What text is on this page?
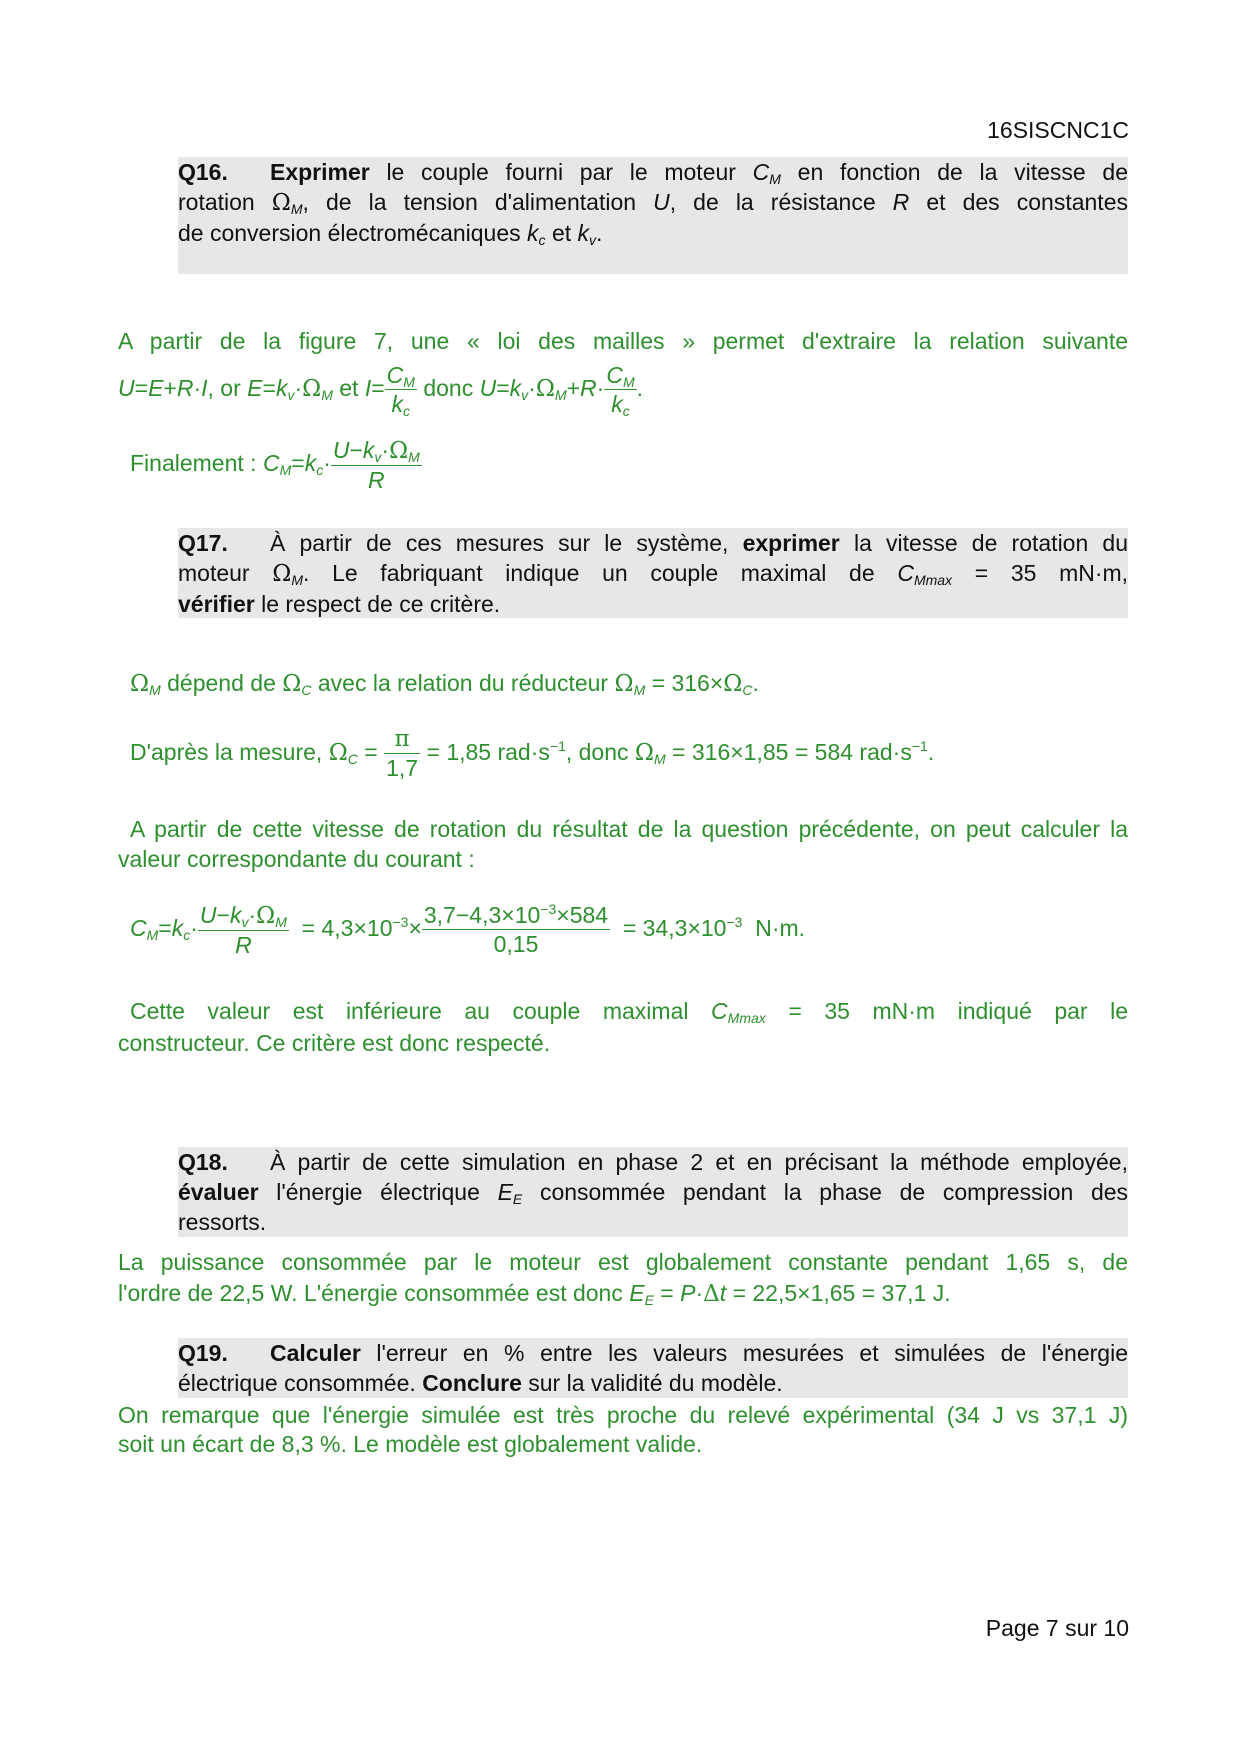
16SISCNC1C
Q16. Exprimer le couple fourni par le moteur $C_M$ en fonction de la vitesse de
rotation $\Omega_M$, de la tension d'alimentation U, de la résistance R et des constantes
de conversion électromécaniques $k_c$ et $k_v$.
A partir de la figure 7, une « loi des mailles » permet d'extraire la relation suivante
U=E+R·I, or $E=k_v\cdot\Omega_M$ et $I= \frac{C_M}{k_c}$ donc $U=k_v\cdot\Omega_M+R\cdot \frac{C_M}{k_c}$ .
Finalement : $C_M=k_c\cdot \frac{U-k_v\cdot\Omega_M}{R}$
Q17. À partir de ces mesures sur le système, exprimer la vitesse de rotation du
moteur $\Omega_M$. Le fabriquant indique un couple maximal de $C_{Mmax} = 35$ mN·m,
vérifier le respect de ce critère.
$\Omega_M$ dépend de $\Omega_C$ avec la relation du réducteur $\Omega_M = 316\times\Omega_C$.
D'après la mesure, $\Omega_C = \frac{\pi}{1,7} = 1,85$ $rad\cdot s^{-1}$, donc $\Omega_M = 316\times 1,85 = 584$ $rad\cdot s^{-1}$.
A partir de cette vitesse de rotation du résultat de la question précédente, on peut calculer la valeur correspondante du courant :
$C_M=k_c\cdot \frac{U-k_v\cdot\Omega_M}{R} = 4,3\times 10^{-3}\times \frac{3,7-4,3\times 10^{-3}\times 584}{0,15} = 34,3\times 10^{-3}$ N·m.
Cette valeur est inférieure au couple maximal $C_{Mmax} = 35$ mN·m indiqué par le
constructeur. Ce critère est donc respecté.
Q18. À partir de cette simulation en phase 2 et en précisant la méthode employée,
évaluer l'énergie électrique $E_E$ consommée pendant la phase de compression des
ressorts.
La puissance consommée par le moteur est globalement constante pendant 1,65 s, de
l'ordre de 22,5 W. L'énergie consommée est donc $E_E = P\cdot\Delta t = 22,5\times 1,65 = 37,1$ J.
Q19. Calculer l'erreur en % entre les valeurs mesurées et simulées de l'énergie
électrique consommée. Conclure sur la validité du modèle.
On remarque que l'énergie simulée est très proche du relevé expérimental (34 J vs 37,1 J)
soit un écart de 8,3 %. Le modèle est globalement valide.
Page 7 sur 10
